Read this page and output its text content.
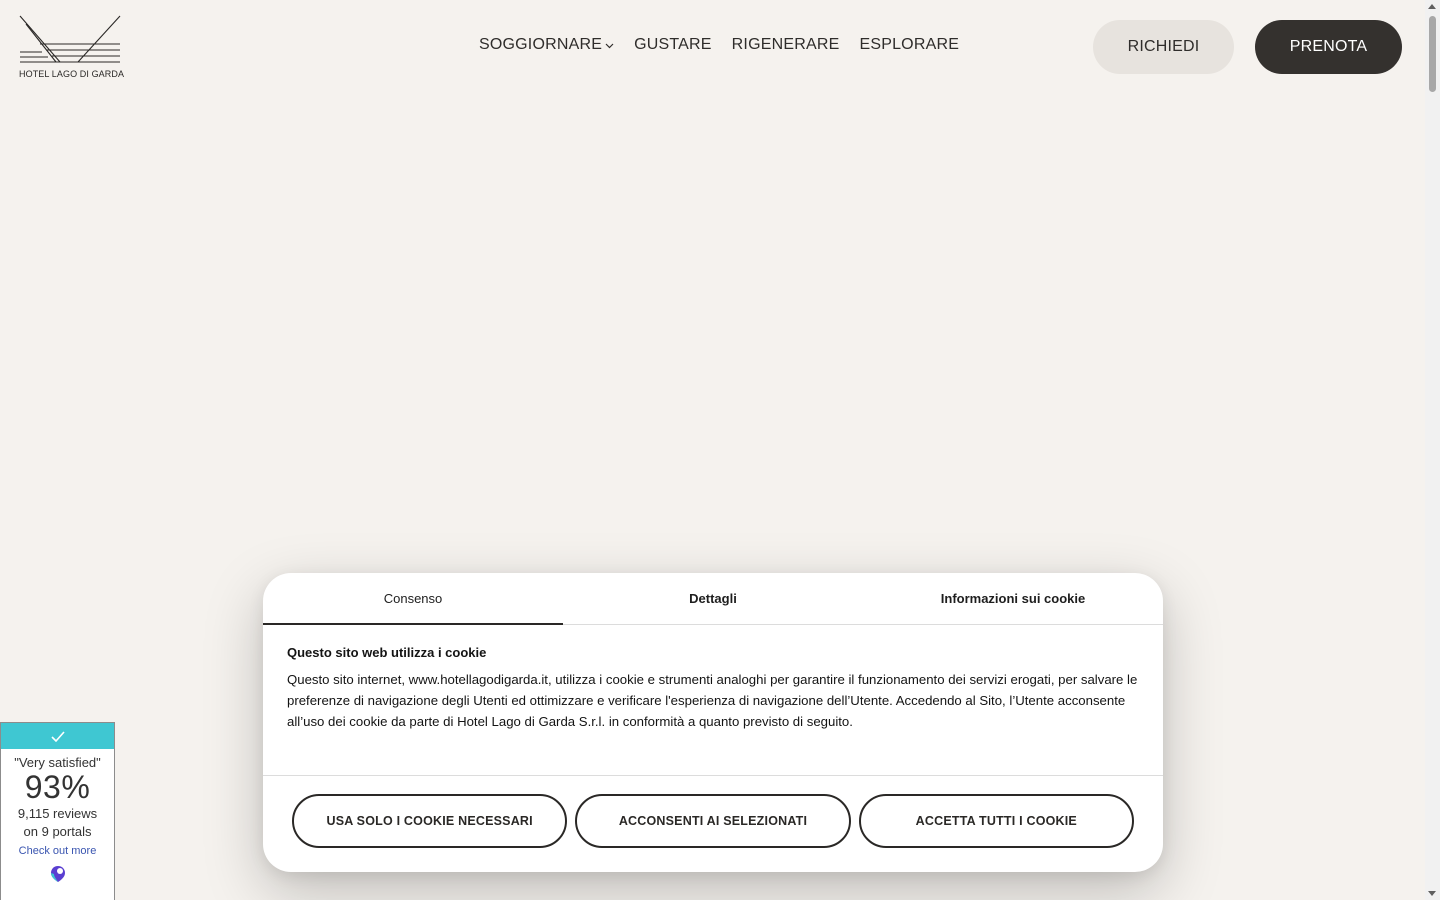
HOTEL LAGO DI GARDA
SOGGIORNARE GUSTARE RIGENERARE ESPLORARE	RICHIEDI	PRENOTA
"Very satisfied"
93%
9,115 reviews
on 9 portals
Check out more
Consenso	Dettagli	Informazioni sui cookie
Questo sito web utilizza i cookie
Questo sito internet, www.hotellagodigarda.it, utilizza i cookie e strumenti analoghi per garantire il funzionamento dei servizi erogati, per salvare le preferenze di navigazione degli Utenti ed ottimizzare e verificare l'esperienza di navigazione dell’Utente. Accedendo al Sito, l’Utente acconsente all’uso dei cookie da parte di Hotel Lago di Garda S.r.l. in conformità a quanto previsto di seguito.
USA SOLO I COOKIE NECESSARI	ACCONSENTI AI SELEZIONATI	ACCETTA TUTTI I COOKIE
